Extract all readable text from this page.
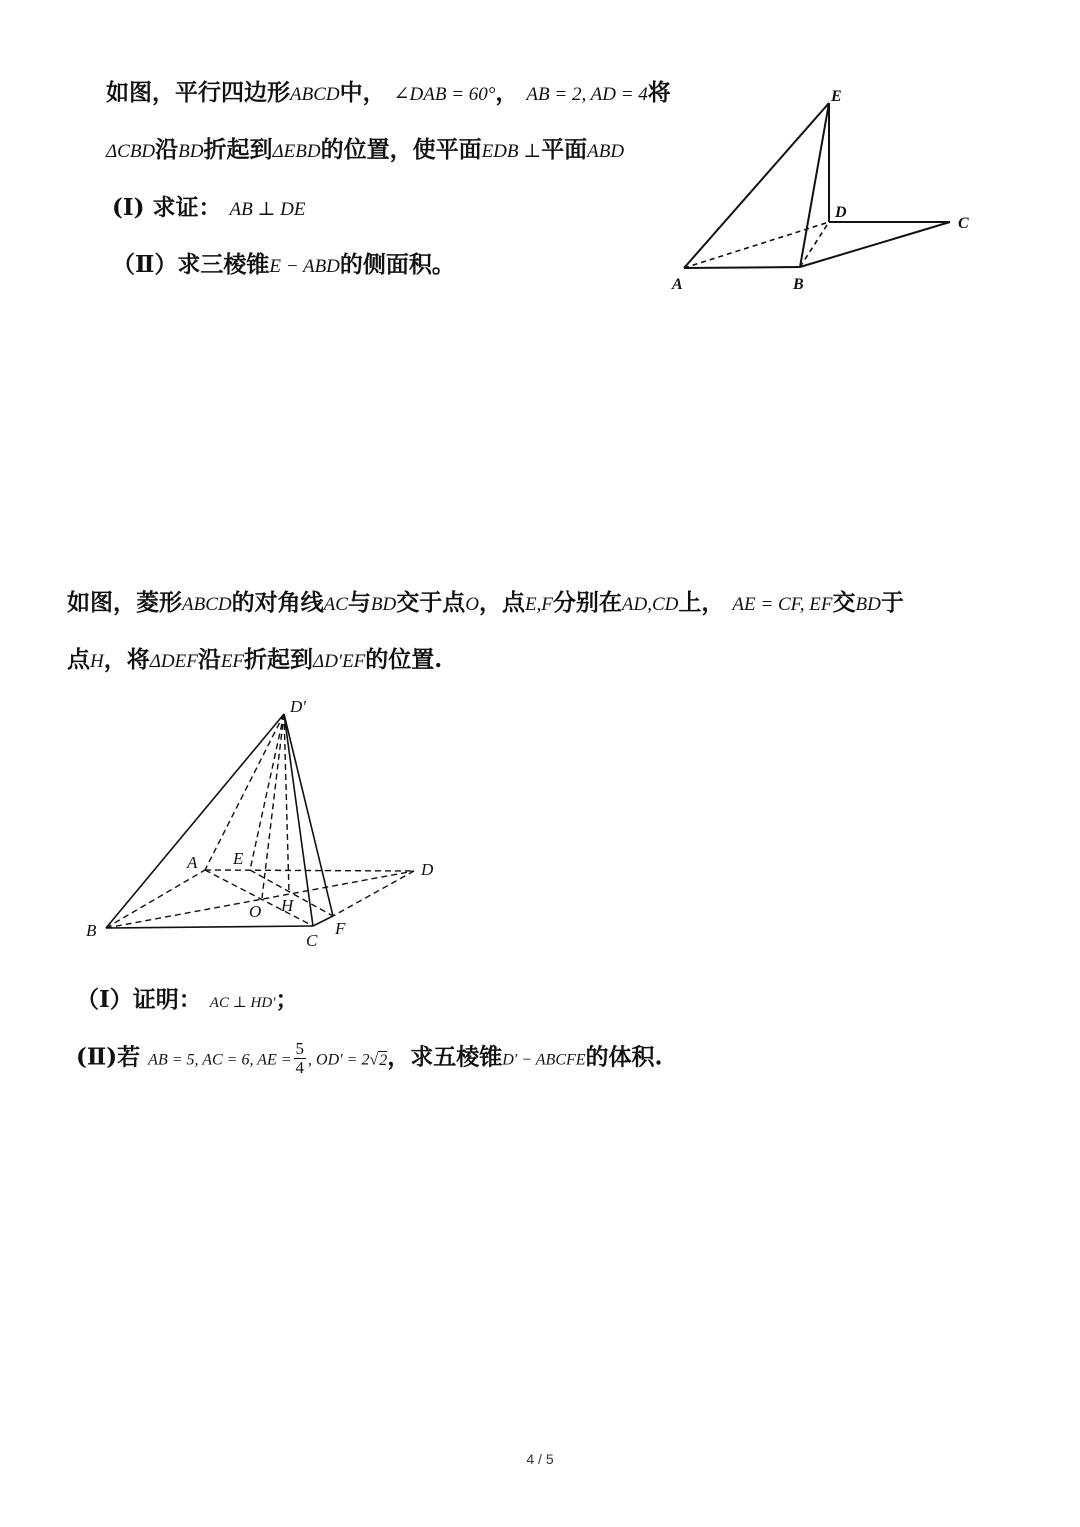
如图，平行四边形ABCD中， ∠DAB = 60°， AB = 2, AD = 4将
ΔCBD沿BD折起到ΔEBD的位置，使平面EDB ⊥平面ABD
(I) 求证： AB ⊥ DE
（Ⅱ）求三棱锥E − ABD的侧面积。
E
D
C
A	B
如图，菱形ABCD的对角线AC与BD交于点O，点E,F分别在AD,CD上， AE = CF, EF交BD于
点H，将ΔDEF沿EF折起到ΔD′EF的位置.
D′
A E
D
O H
B
C
F
（Ⅰ）证明： AC ⊥ HD′；
(Ⅱ)若 AB = 5, AC = 6, AE = $\frac{5}{4}$ , OD′ = 2√2，求五棱锥D′ − ABCFE的体积.
4 / 5
